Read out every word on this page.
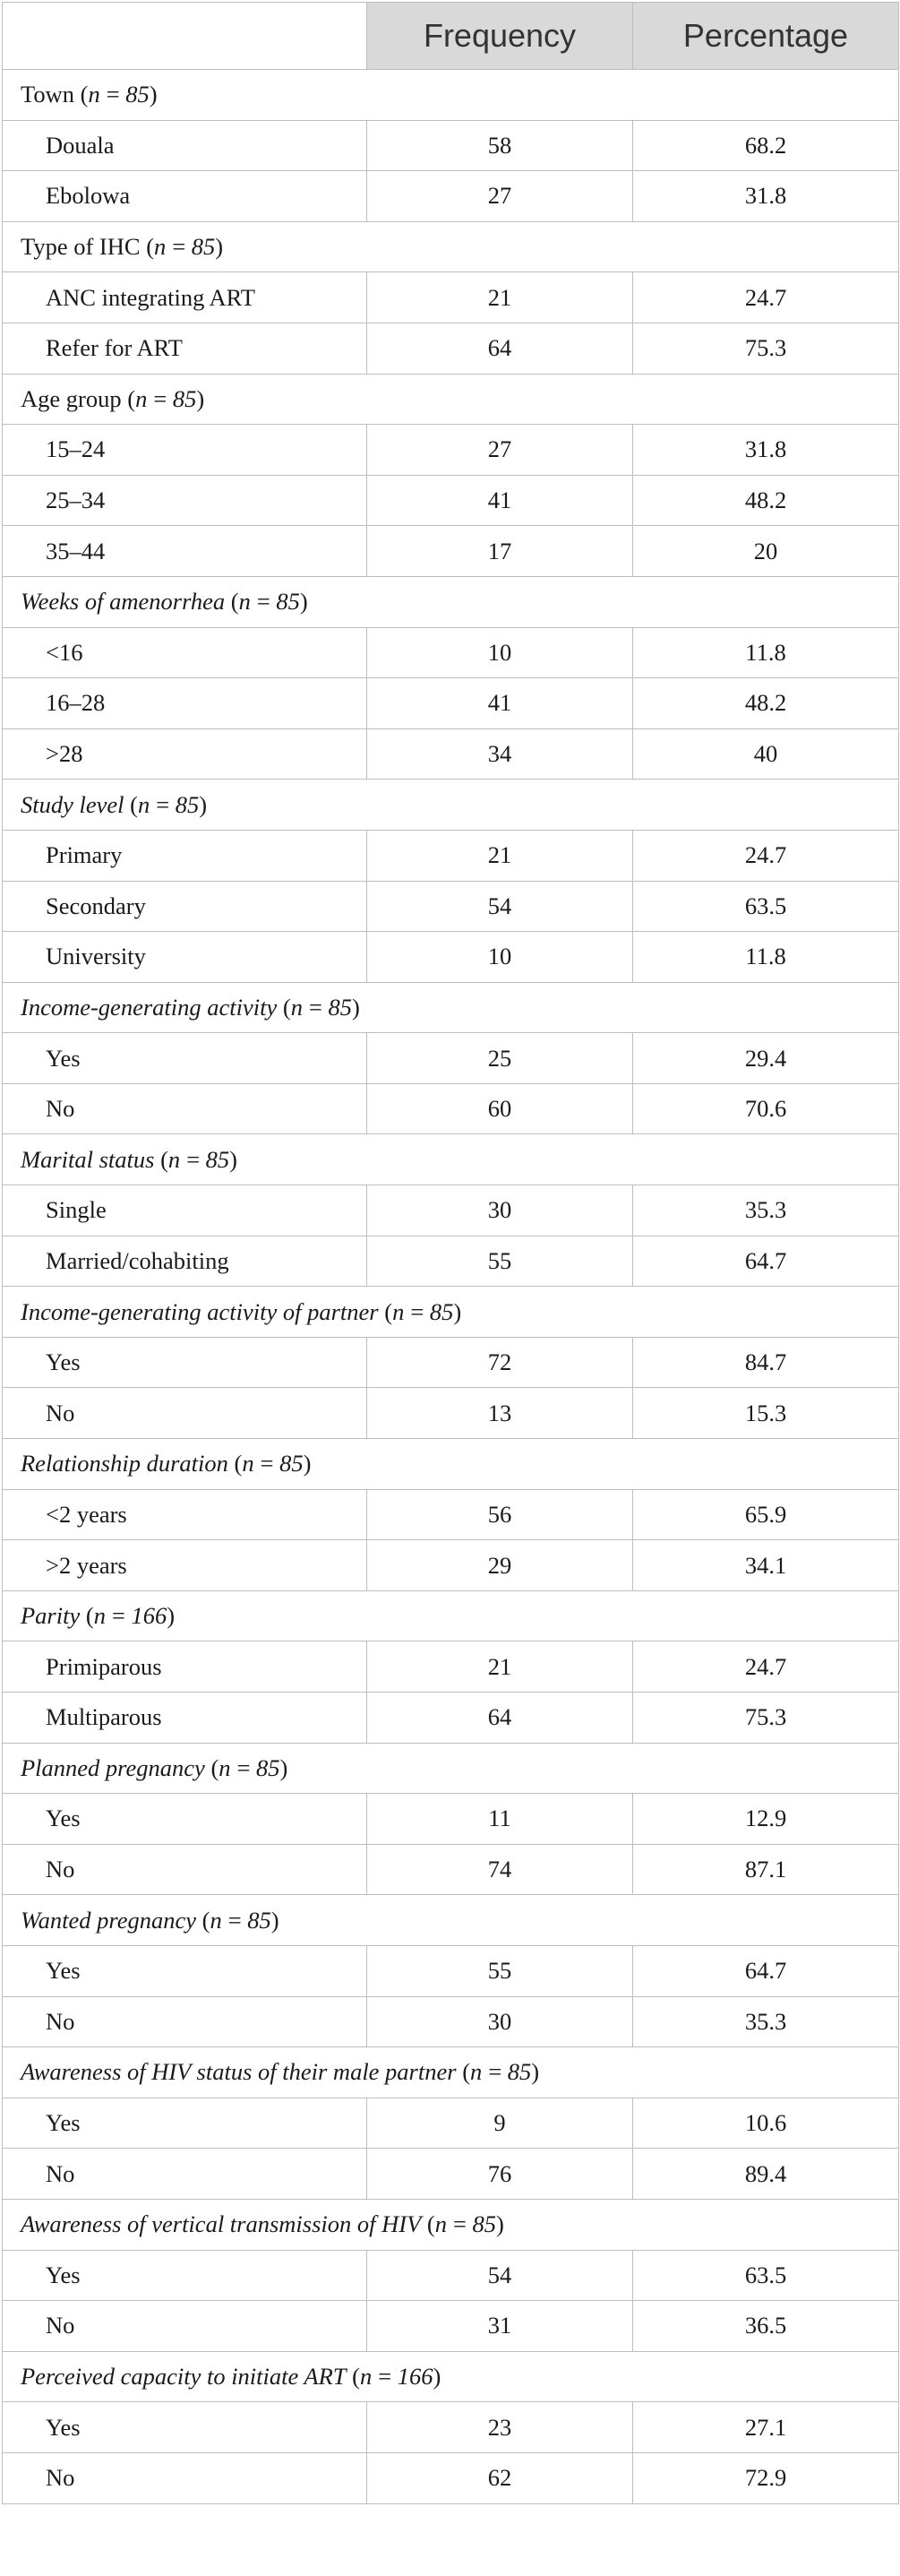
	Frequency	Percentage
Town (n = 85)		
Douala	58	68.2
Ebolowa	27	31.8
Type of IHC (n = 85)		
ANC integrating ART	21	24.7
Refer for ART	64	75.3
Age group (n = 85)		
15–24	27	31.8
25–34	41	48.2
35–44	17	20
Weeks of amenorrhea (n = 85)		
<16	10	11.8
16–28	41	48.2
˃28	34	40
Study level (n = 85)		
Primary	21	24.7
Secondary	54	63.5
University	10	11.8
Income-generating activity (n = 85)		
Yes	25	29.4
No	60	70.6
Marital status (n = 85)		
Single	30	35.3
Married/cohabiting	55	64.7
Income-generating activity of partner (n = 85)		
Yes	72	84.7
No	13	15.3
Relationship duration (n = 85)		
<2 years	56	65.9
˃2 years	29	34.1
Parity (n = 166)		
Primiparous	21	24.7
Multiparous	64	75.3
Planned pregnancy (n = 85)		
Yes	11	12.9
No	74	87.1
Wanted pregnancy (n = 85)		
Yes	55	64.7
No	30	35.3
Awareness of HIV status of their male partner (n = 85)		
Yes	9	10.6
No	76	89.4
Awareness of vertical transmission of HIV (n = 85)		
Yes	54	63.5
No	31	36.5
Perceived capacity to initiate ART (n = 166)		
Yes	23	27.1
No	62	72.9
